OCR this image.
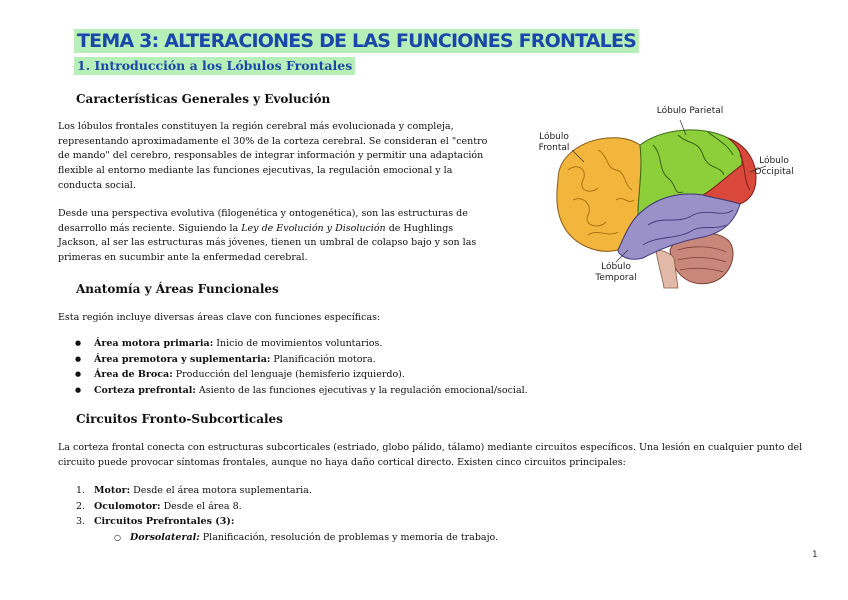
TEMA 3: ALTERACIONES DE LAS FUNCIONES FRONTALES
1. Introducción a los Lóbulos Frontales
Características Generales y Evolución

Los lóbulos frontales constituyen la región cerebral más evolucionada y compleja, representando aproximadamente el 30% de la corteza cerebral. Se consideran el "centro de mando" del cerebro, responsables de integrar información y permitir una adaptación flexible al entorno mediante las funciones ejecutivas, la regulación emocional y la conducta social.

Desde una perspectiva evolutiva (filogenética y ontogenética), son las estructuras de desarrollo más reciente. Siguiendo la Ley de Evolución y Disolución de Hughlings Jackson, al ser las estructuras más jóvenes, tienen un umbral de colapso bajo y son las primeras en sucumbir ante la enfermedad cerebral.

Anatomía y Áreas Funcionales

Esta región incluye diversas áreas clave con funciones específicas:

● Área motora primaria: Inicio de movimientos voluntarios.
● Área premotora y suplementaria: Planificación motora.
● Área de Broca: Producción del lenguaje (hemisferio izquierdo).
● Corteza prefrontal: Asiento de las funciones ejecutivas y la regulación emocional/social.
Circuitos Fronto-Subcorticales

La corteza frontal conecta con estructuras subcorticales (estriado, globo pálido, tálamo) mediante circuitos específicos. Una lesión en cualquier punto del circuito puede provocar síntomas frontales, aunque no haya daño cortical directo. Existen cinco circuitos principales:

1. Motor: Desde el área motora suplementaria.
2. Oculomotor: Desde el área 8.
3. Circuitos Prefrontales (3):
○ Dorsolateral: Planificación, resolución de problemas y memoria de trabajo.
Lóbulo
Frontal
Lóbulo Parietal
Lóbulo
Occipital
Lóbulo
Temporal
1
